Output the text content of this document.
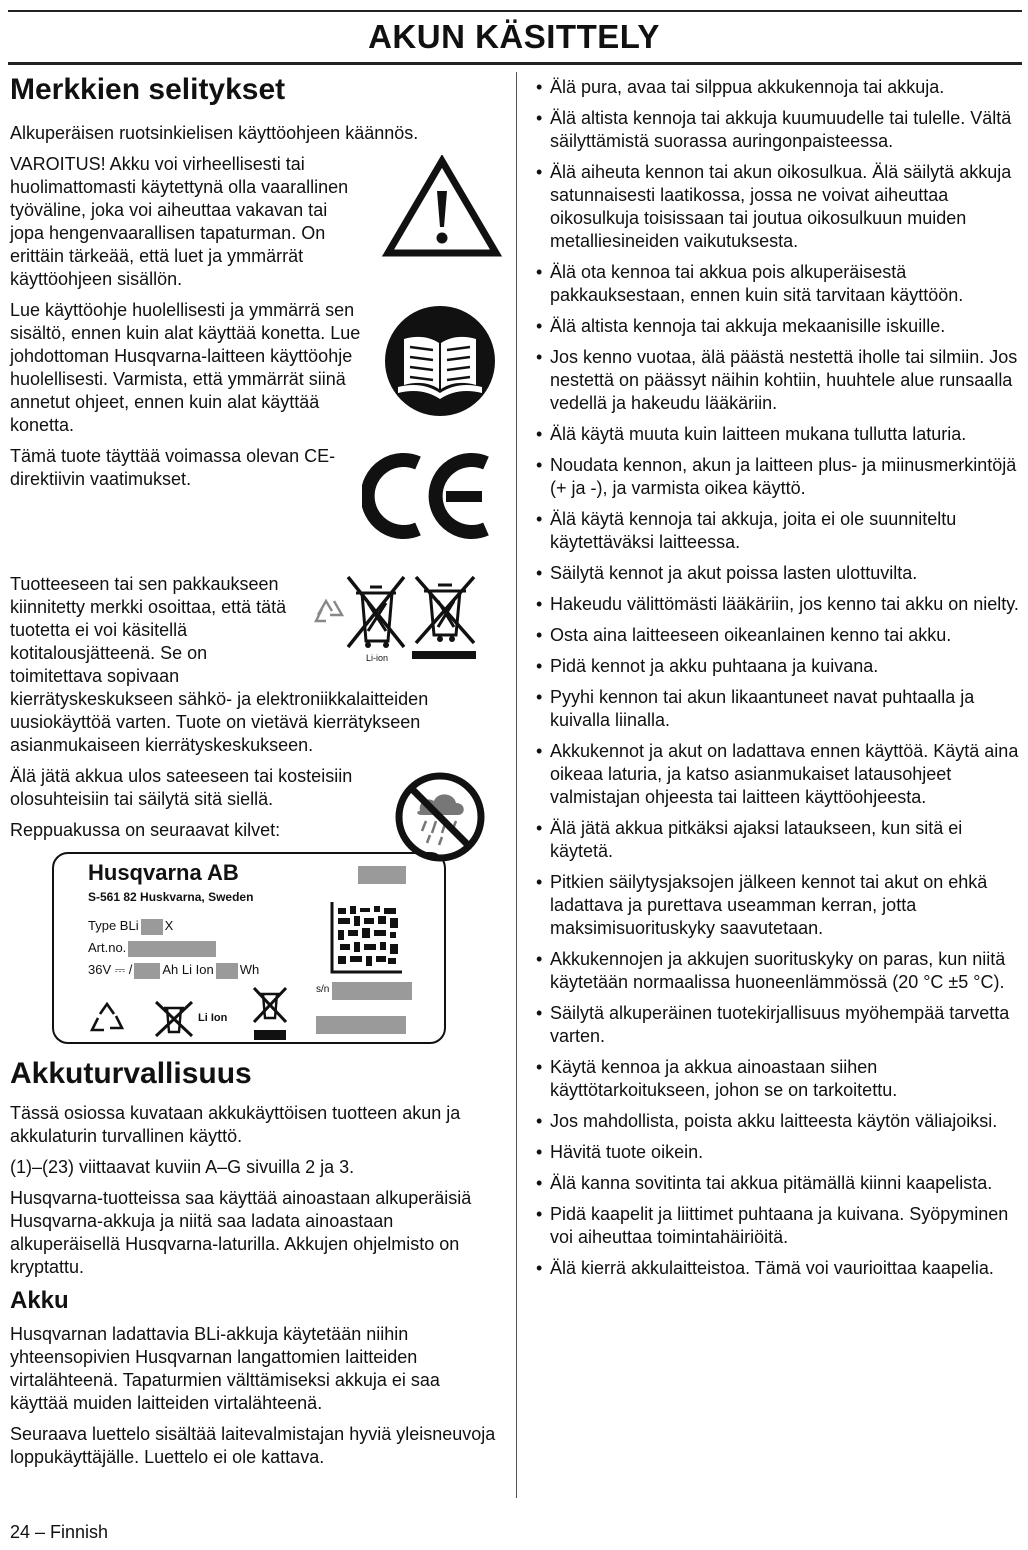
AKUN KÄSITTELY
Merkkien selitykset

Alkuperäisen ruotsinkielisen käyttöohjeen käännös.

VAROITUS! Akku voi virheellisesti tai huolimattomasti käytettynä olla vaarallinen työväline, joka voi aiheuttaa vakavan tai jopa hengenvaarallisen tapaturman. On erittäin tärkeää, että luet ja ymmärrät käyttöohjeen sisällön.

Lue käyttöohje huolellisesti ja ymmärrä sen sisältö, ennen kuin alat käyttää konetta. Lue johdottoman Husqvarna-laitteen käyttöohje huolellisesti. Varmista, että ymmärrät siinä annetut ohjeet, ennen kuin alat käyttää konetta.

Tämä tuote täyttää voimassa olevan CE-direktiivin vaatimukset.

Tuotteeseen tai sen pakkaukseen kiinnitetty merkki osoittaa, että tätä tuotetta ei voi käsitellä kotitalousjätteenä. Se on toimitettava sopivaan

Li-ion

kierrätyskeskukseen sähkö- ja elektroniikkalaitteiden uusiokäyttöä varten. Tuote on vietävä kierrätykseen asianmukaiseen kierrätyskeskukseen.

Älä jätä akkua ulos sateeseen tai kosteisiin olosuhteisiin tai säilytä sitä siellä.

Reppuakussa on seuraavat kilvet:

Husqvarna AB
S-561 82 Huskvarna, Sweden
Type BLi X
Art.no.
36V ⎓ / Ah Li Ion Wh
s/n
Li Ion
Akkuturvallisuus

Tässä osiossa kuvataan akkukäyttöisen tuotteen akun ja akkulaturin turvallinen käyttö.

(1)–(23) viittaavat kuviin A–G sivuilla 2 ja 3.

Husqvarna-tuotteissa saa käyttää ainoastaan alkuperäisiä Husqvarna-akkuja ja niitä saa ladata ainoastaan alkuperäisellä Husqvarna-laturilla. Akkujen ohjelmisto on kryptattu.

Akku

Husqvarnan ladattavia BLi-akkuja käytetään niihin yhteensopivien Husqvarnan langattomien laitteiden virtalähteenä. Tapaturmien välttämiseksi akkuja ei saa käyttää muiden laitteiden virtalähteenä.

Seuraava luettelo sisältää laitevalmistajan hyviä yleisneuvoja loppukäyttäjälle. Luettelo ei ole kattava.

• Älä pura, avaa tai silppua akkukennoja tai akkuja.
• Älä altista kennoja tai akkuja kuumuudelle tai tulelle. Vältä säilyttämistä suorassa auringonpaisteessa.
• Älä aiheuta kennon tai akun oikosulkua. Älä säilytä akkuja satunnaisesti laatikossa, jossa ne voivat aiheuttaa oikosulkuja toisissaan tai joutua oikosulkuun muiden metalliesineiden vaikutuksesta.
• Älä ota kennoa tai akkua pois alkuperäisestä pakkauksestaan, ennen kuin sitä tarvitaan käyttöön.
• Älä altista kennoja tai akkuja mekaanisille iskuille.
• Jos kenno vuotaa, älä päästä nestettä iholle tai silmiin. Jos nestettä on päässyt näihin kohtiin, huuhtele alue runsaalla vedellä ja hakeudu lääkäriin.
• Älä käytä muuta kuin laitteen mukana tullutta laturia.
• Noudata kennon, akun ja laitteen plus- ja miinusmerkintöjä (+ ja -), ja varmista oikea käyttö.
• Älä käytä kennoja tai akkuja, joita ei ole suunniteltu käytettäväksi laitteessa.
• Säilytä kennot ja akut poissa lasten ulottuvilta.
• Hakeudu välittömästi lääkäriin, jos kenno tai akku on nielty.
• Osta aina laitteeseen oikeanlainen kenno tai akku.
• Pidä kennot ja akku puhtaana ja kuivana.
• Pyyhi kennon tai akun likaantuneet navat puhtaalla ja kuivalla liinalla.
• Akkukennot ja akut on ladattava ennen käyttöä. Käytä aina oikeaa laturia, ja katso asianmukaiset latausohjeet valmistajan ohjeesta tai laitteen käyttöohjeesta.
• Älä jätä akkua pitkäksi ajaksi lataukseen, kun sitä ei käytetä.
• Pitkien säilytysjaksojen jälkeen kennot tai akut on ehkä ladattava ja purettava useamman kerran, jotta maksimisuorituskyky saavutetaan.
• Akkukennojen ja akkujen suorituskyky on paras, kun niitä käytetään normaalissa huoneenlämmössä (20 °C ±5 °C).
• Säilytä alkuperäinen tuotekirjallisuus myöhempää tarvetta varten.
• Käytä kennoa ja akkua ainoastaan siihen käyttötarkoitukseen, johon se on tarkoitettu.
• Jos mahdollista, poista akku laitteesta käytön väliajoiksi.
• Hävitä tuote oikein.
• Älä kanna sovitinta tai akkua pitämällä kiinni kaapelista.
• Pidä kaapelit ja liittimet puhtaana ja kuivana. Syöpyminen voi aiheuttaa toimintahäiriöitä.
• Älä kierrä akkulaitteistoa. Tämä voi vaurioittaa kaapelia.

24 – Finnish
